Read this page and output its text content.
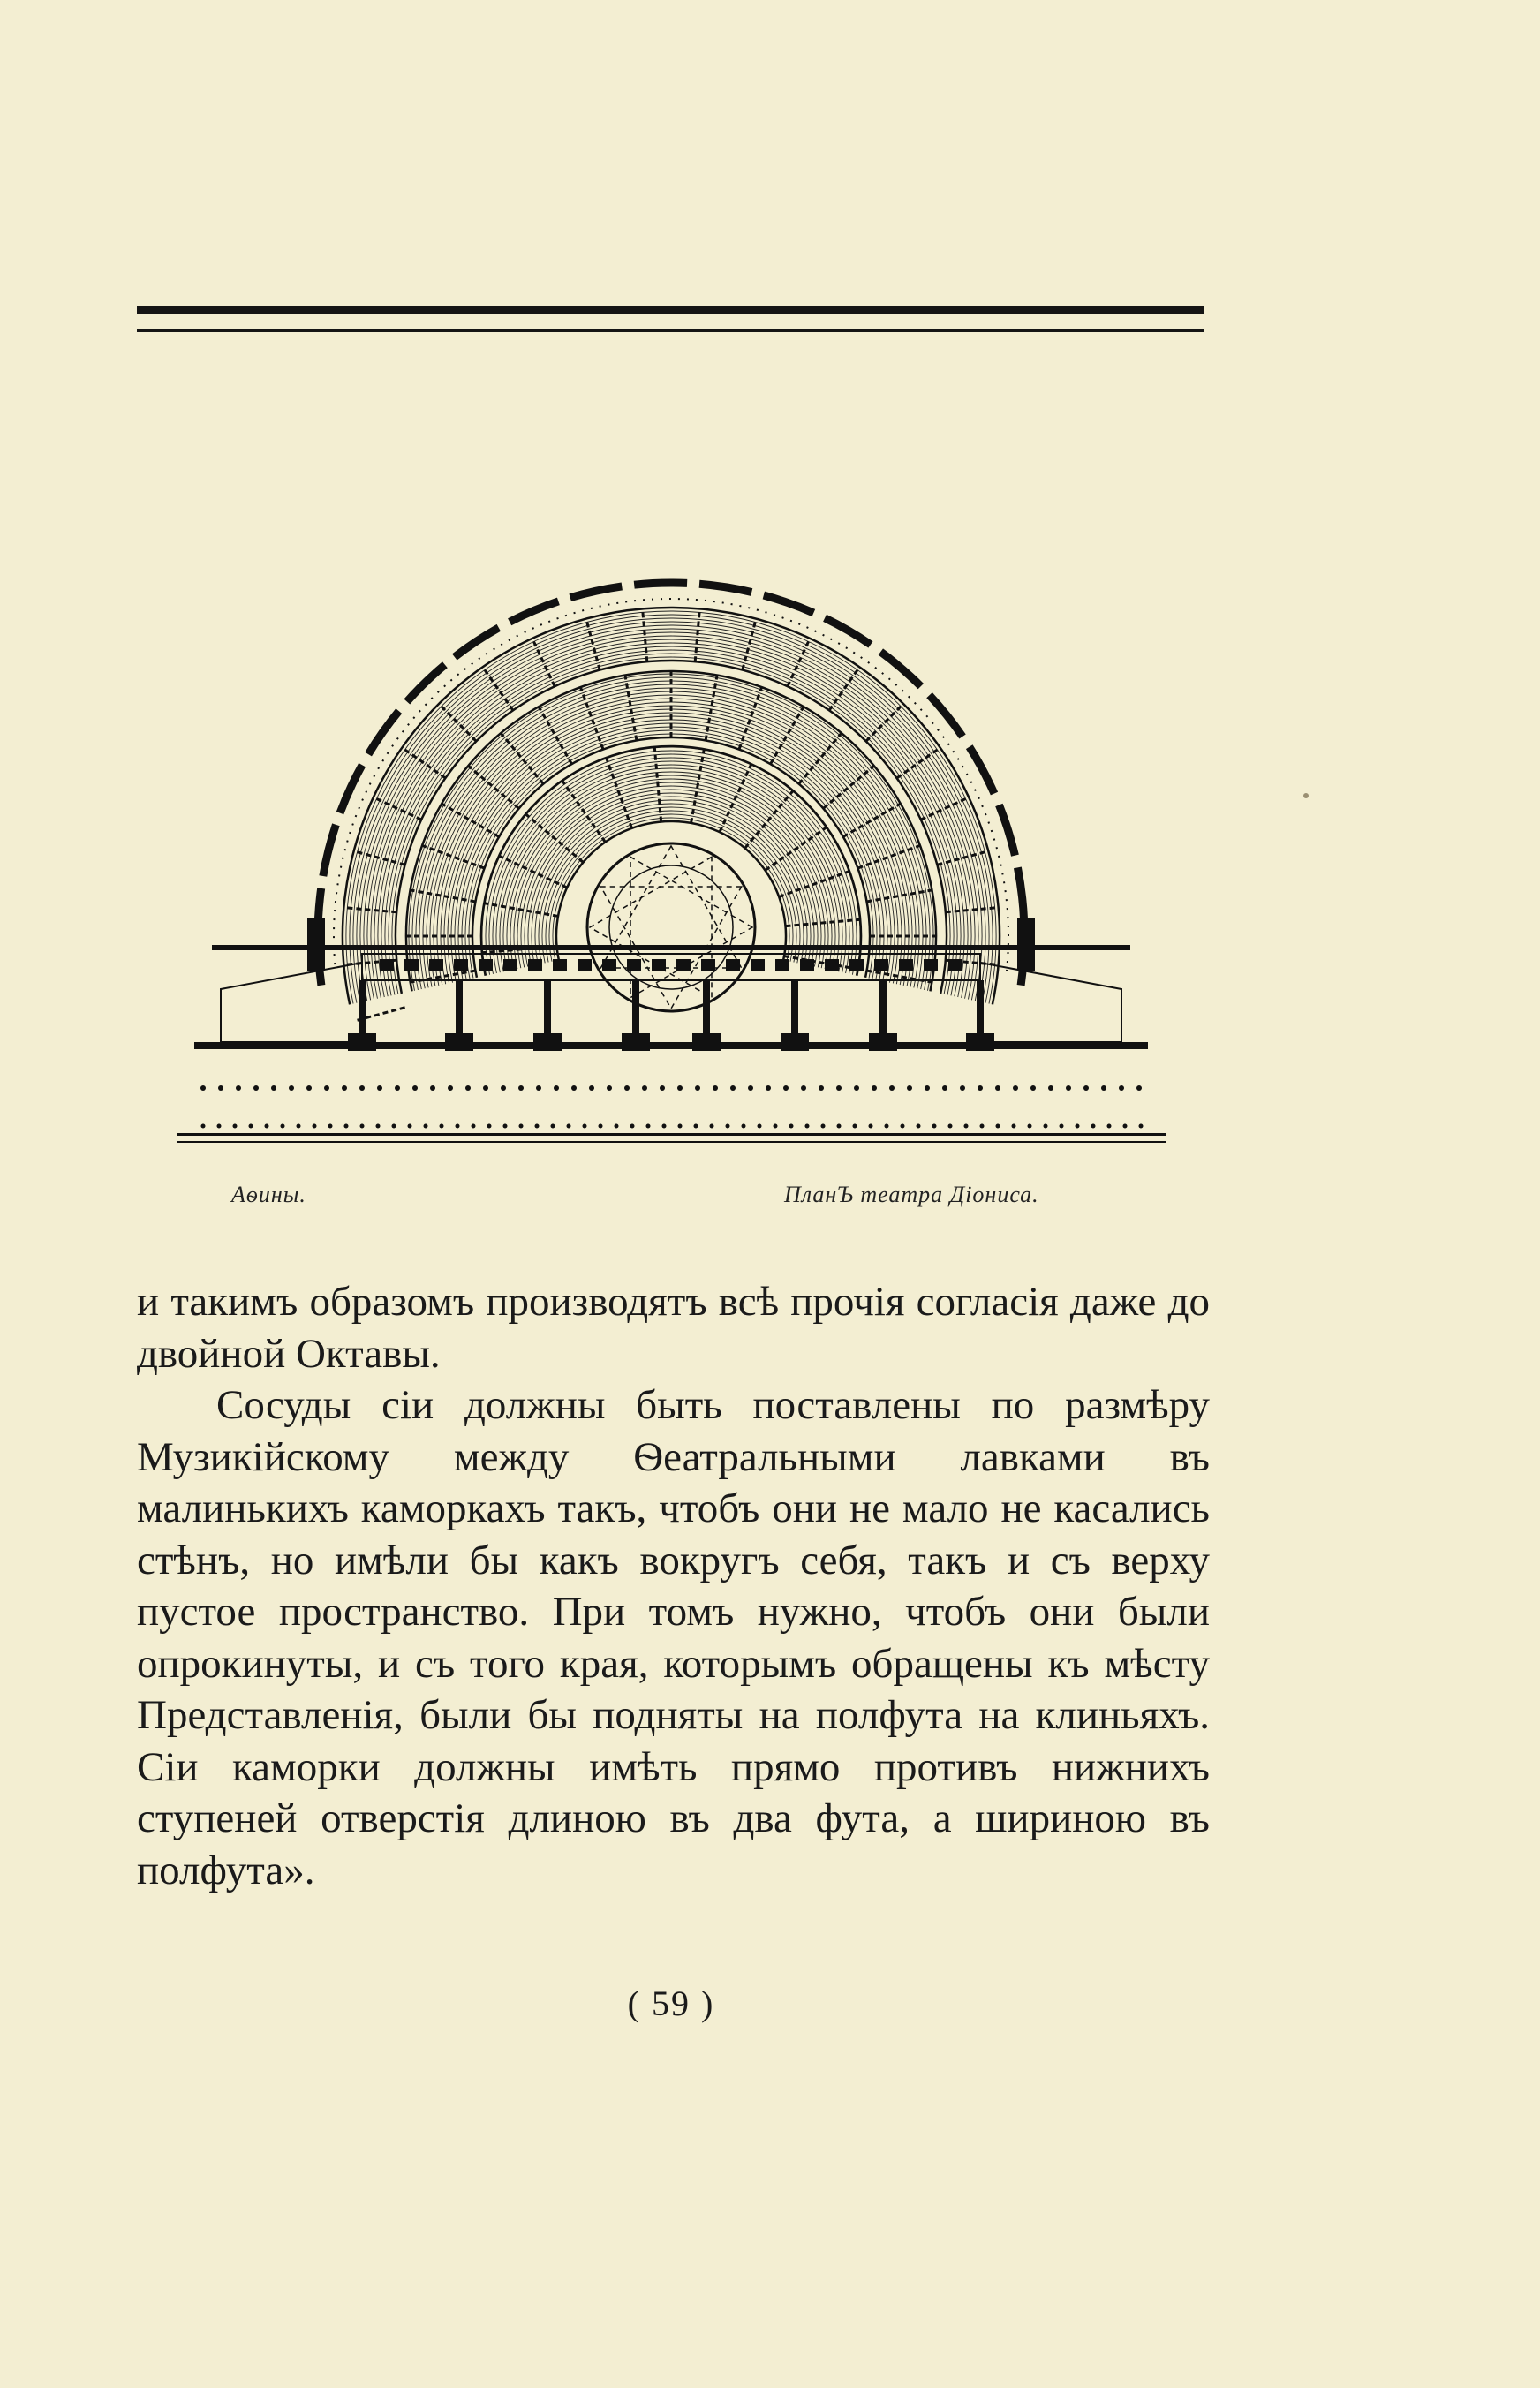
Аѳины.	ПланЪ театра Діониса.

и такимъ образомъ производятъ всѣ прочія согласія даже до двойной Октавы.

Сосуды сіи должны быть поставлены по размѣру Музикійскому между Ѳеатральными лавками въ малинькихъ каморкахъ такъ, чтобъ они не мало не касались стѣнъ, но имѣли бы какъ вокругъ себя, такъ и съ верху пустое пространство. При томъ нужно, чтобъ они были опрокинуты, и съ того края, которымъ обращены къ мѣсту Представленія, были бы подняты на полфута на клиньяхъ. Сіи каморки должны имѣть прямо противъ нижнихъ ступеней отверстія длиною въ два фута, а шириною въ полфута».

( 59 )
